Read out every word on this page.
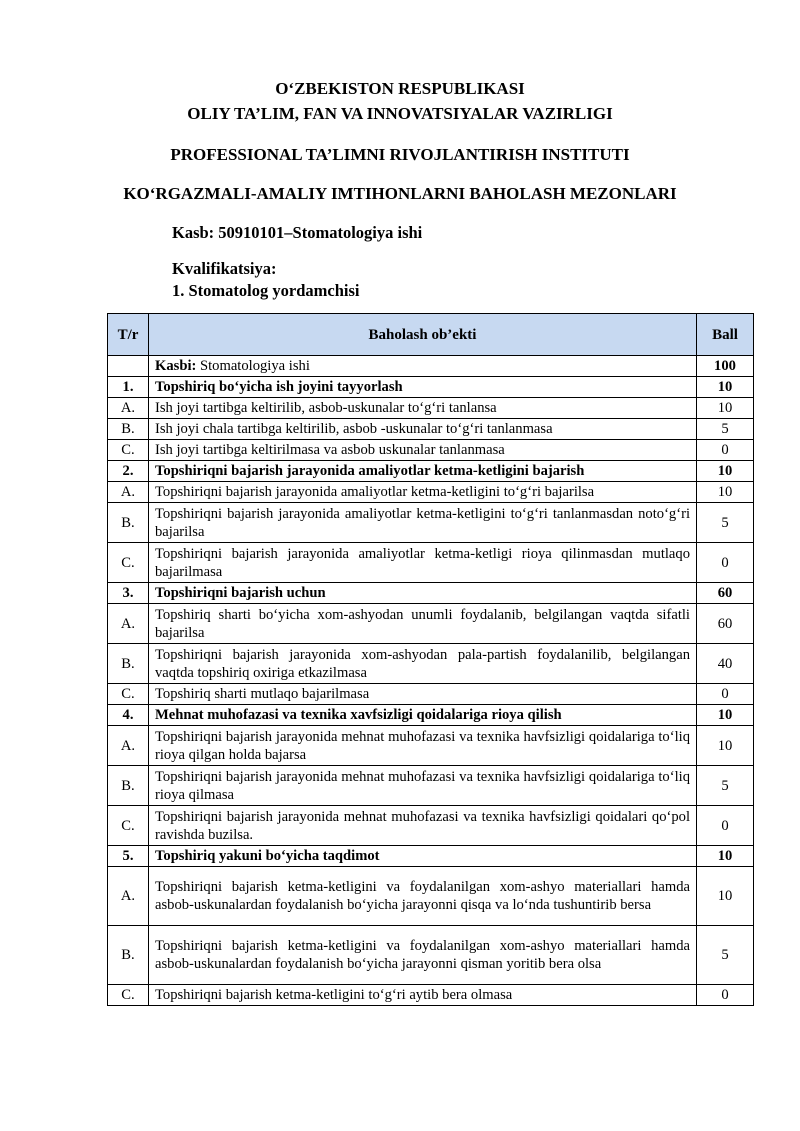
O‘ZBEKISTON RESPUBLIKASI
OLIY TA’LIM, FAN VA INNOVATSIYALAR VAZIRLIGI
PROFESSIONAL TA’LIMNI RIVOJLANTIRISH INSTITUTI
KO‘RGAZMALI-AMALIY IMTIHONLARNI BAHOLASH MEZONLARI
Kasb: 50910101–Stomatologiya ishi
Kvalifikatsiya:
1. Stomatolog yordamchisi
T/r	Baholash ob’ekti	Ball
	Kasbi: Stomatologiya ishi	100
1.	Topshiriq bo‘yicha ish joyini tayyorlash	10
A.	Ish joyi tartibga keltirilib, asbob-uskunalar to‘g‘ri tanlansa	10
B.	Ish joyi chala tartibga keltirilib, asbob -uskunalar to‘g‘ri tanlanmasa	5
C.	Ish joyi tartibga keltirilmasa va asbob uskunalar tanlanmasa	0
2.	Topshiriqni bajarish jarayonida amaliyotlar ketma-ketligini bajarish	10
A.	Topshiriqni bajarish jarayonida amaliyotlar ketma-ketligini to‘g‘ri bajarilsa	10
B.	Topshiriqni bajarish jarayonida amaliyotlar ketma-ketligini to‘g‘ri tanlanmasdan noto‘g‘ri bajarilsa	5
C.	Topshiriqni bajarish jarayonida amaliyotlar ketma-ketligi rioya qilinmasdan mutlaqo bajarilmasa	0
3.	Topshiriqni bajarish uchun	60
A.	Topshiriq sharti bo‘yicha xom-ashyodan unumli foydalanib, belgilangan vaqtda sifatli bajarilsa	60
B.	Topshiriqni bajarish jarayonida xom-ashyodan pala-partish foydalanilib, belgilangan vaqtda topshiriq oxiriga etkazilmasa	40
C.	Topshiriq sharti mutlaqo bajarilmasa	0
4.	Mehnat muhofazasi va texnika xavfsizligi qoidalariga rioya qilish	10
A.	Topshiriqni bajarish jarayonida mehnat muhofazasi va texnika havfsizligi qoidalariga to‘liq rioya qilgan holda bajarsa	10
B.	Topshiriqni bajarish jarayonida mehnat muhofazasi va texnika havfsizligi qoidalariga to‘liq rioya qilmasa	5
C.	Topshiriqni bajarish jarayonida mehnat muhofazasi va texnika havfsizligi qoidalari qo‘pol ravishda buzilsa.	0
5.	Topshiriq yakuni bo‘yicha taqdimot	10
A.	Topshiriqni bajarish ketma-ketligini va foydalanilgan xom-ashyo materiallari hamda asbob-uskunalardan foydalanish bo‘yicha jarayonni qisqa va lo‘nda tushuntirib bersa	10
B.	Topshiriqni bajarish ketma-ketligini va foydalanilgan xom-ashyo materiallari hamda asbob-uskunalardan foydalanish bo‘yicha jarayonni qisman yoritib bera olsa	5
C.	Topshiriqni bajarish ketma-ketligini to‘g‘ri aytib bera olmasa	0
